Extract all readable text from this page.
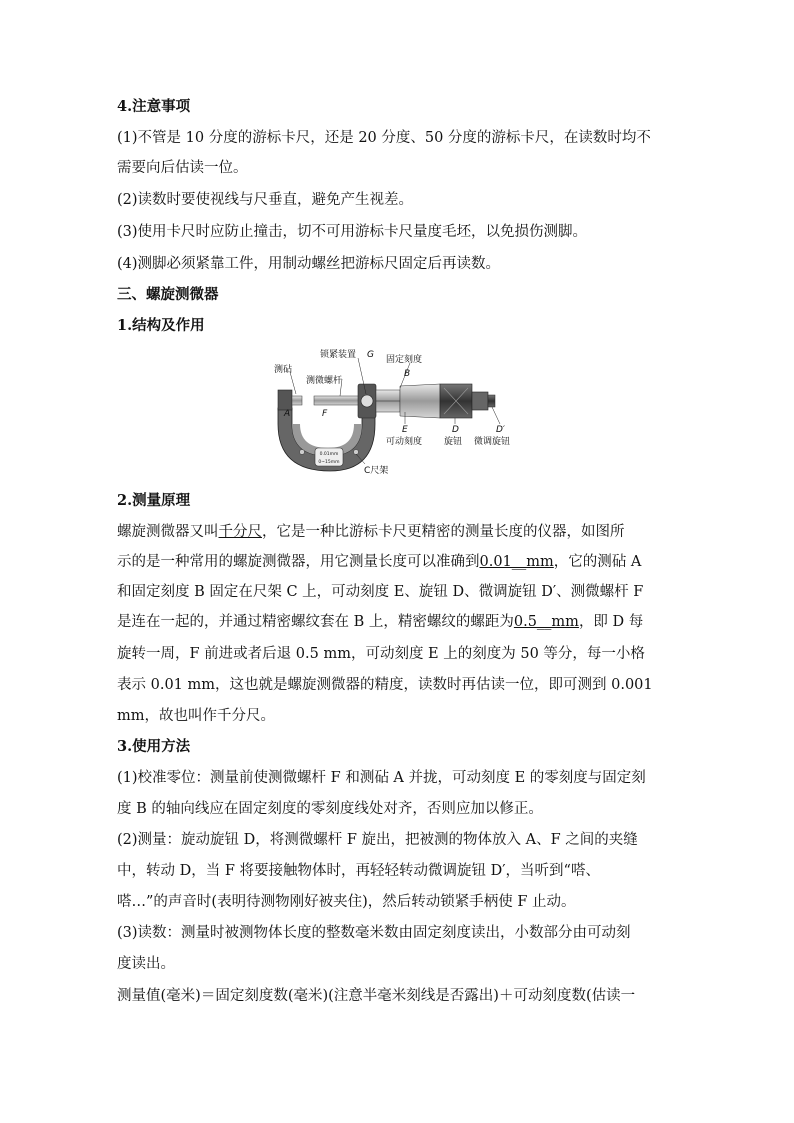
4.注意事项
(1)不管是 10 分度的游标卡尺，还是 20 分度、50 分度的游标卡尺，在读数时均不
需要向后估读一位。
(2)读数时要使视线与尺垂直，避免产生视差。
(3)使用卡尺时应防止撞击，切不可用游标卡尺量度毛坯，以免损伤测脚。
(4)测脚必须紧靠工件，用制动螺丝把游标尺固定后再读数。
三、螺旋测微器
1.结构及作用
0.01mm
0~15mm
测砧
测微螺杆
锁紧装置 G 固定刻度
B
A	F
E	D	D′
可动刻度 旋钮 微调旋钮
C尺架
2.测量原理
螺旋测微器又叫千分尺，它是一种比游标卡尺更精密的测量长度的仪器，如图所
示的是一种常用的螺旋测微器，用它测量长度可以准确到0.01__mm，它的测砧 A
和固定刻度 B 固定在尺架 C 上，可动刻度 E、旋钮 D、微调旋钮 D′、测微螺杆 F
是连在一起的，并通过精密螺纹套在 B 上，精密螺纹的螺距为0.5__mm，即 D 每
旋转一周，F 前进或者后退 0.5 mm，可动刻度 E 上的刻度为 50 等分，每一小格
表示 0.01 mm，这也就是螺旋测微器的精度，读数时再估读一位，即可测到 0.001
mm，故也叫作千分尺。
3.使用方法
(1)校准零位：测量前使测微螺杆 F 和测砧 A 并拢，可动刻度 E 的零刻度与固定刻
度 B 的轴向线应在固定刻度的零刻度线处对齐，否则应加以修正。
(2)测量：旋动旋钮 D，将测微螺杆 F 旋出，把被测的物体放入 A、F 之间的夹缝
中，转动 D，当 F 将要接触物体时，再轻轻转动微调旋钮 D′，当听到“嗒、
嗒…”的声音时(表明待测物刚好被夹住)，然后转动锁紧手柄使 F 止动。
(3)读数：测量时被测物体长度的整数毫米数由固定刻度读出，小数部分由可动刻
度读出。
测量值(毫米)＝固定刻度数(毫米)(注意半毫米刻线是否露出)＋可动刻度数(估读一
